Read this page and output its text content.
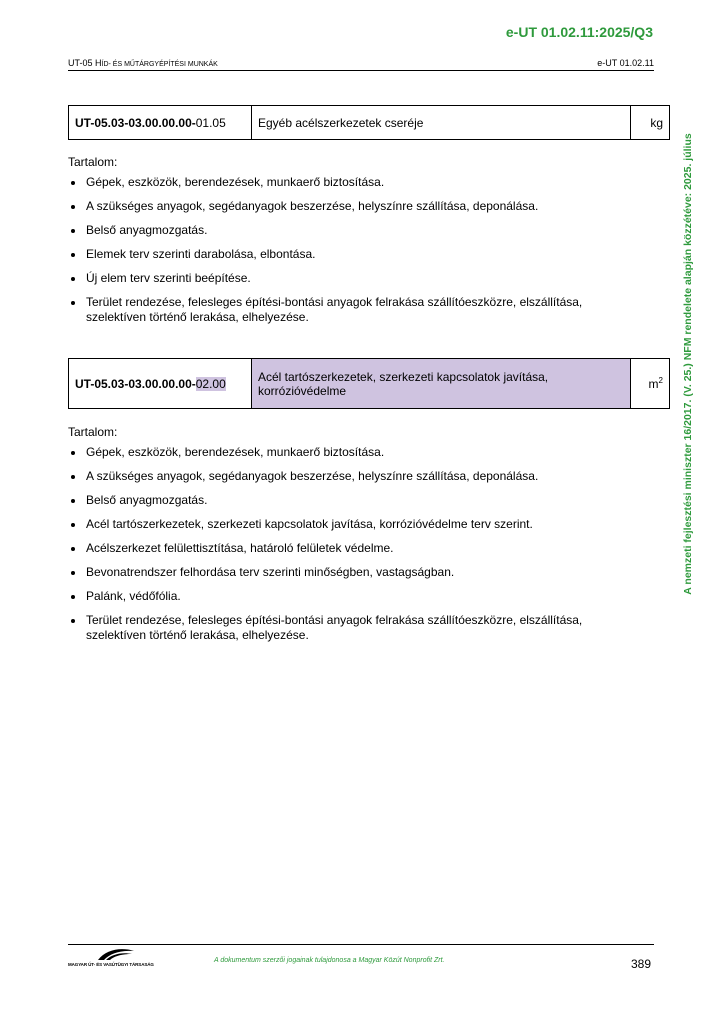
e-UT 01.02.11:2025/Q3
UT-05 HÍD- ÉS MŰTÁRGYÉPÍTÉSI MUNKÁK	e-UT 01.02.11
A nemzeti fejlesztési miniszter 16/2017. (V. 25.) NFM rendelete alapján közzétéve: 2025. július
UT-05.03-03.00.00.00-01.05	Egyéb acélszerkezetek cseréje	kg
Tartalom:
Gépek, eszközök, berendezések, munkaerő biztosítása.
A szükséges anyagok, segédanyagok beszerzése, helyszínre szállítása, deponálása.
Belső anyagmozgatás.
Elemek terv szerinti darabolása, elbontása.
Új elem terv szerinti beépítése.
Terület rendezése, felesleges építési-bontási anyagok felrakása szállítóeszközre, elszállítása, szelektíven történő lerakása, elhelyezése.
UT-05.03-03.00.00.00-02.00	Acél tartószerkezetek, szerkezeti kapcsolatok javítása, korrózióvédelme	$m^2$
Tartalom:
Gépek, eszközök, berendezések, munkaerő biztosítása.
A szükséges anyagok, segédanyagok beszerzése, helyszínre szállítása, deponálása.
Belső anyagmozgatás.
Acél tartószerkezetek, szerkezeti kapcsolatok javítása, korrózióvédelme terv szerint.
Acélszerkezet felülettisztítása, határoló felületek védelme.
Bevonatrendszer felhordása terv szerinti minőségben, vastagságban.
Palánk, védőfólia.
Terület rendezése, felesleges építési-bontási anyagok felrakása szállítóeszközre, elszállítása, szelektíven történő lerakása, elhelyezése.
MAGYAR ÚT- ÉS VASÚTÜGYI TÁRSASÁG
A dokumentum szerzői jogainak tulajdonosa a Magyar Közút Nonprofit Zrt.	389
